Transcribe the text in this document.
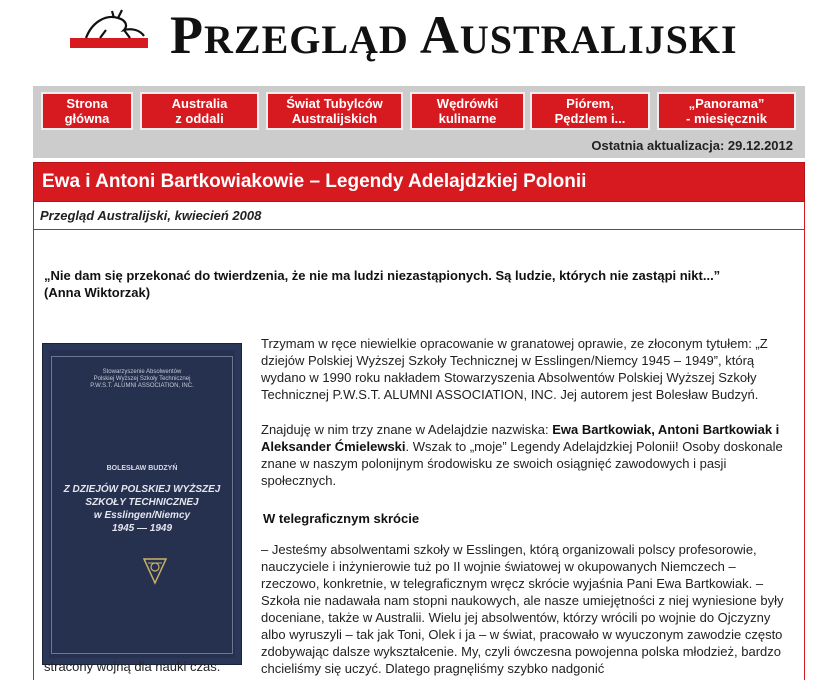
PRZEGLĄD AUSTRALIJSKI
Strona
główna
Australia
z oddali
Świat Tubylców
Australijskich
Wędrówki
kulinarne
Piórem,
Pędzlem i...
„Panorama”
- miesięcznik
Ostatnia aktualizacja: 29.12.2012
Ewa i Antoni Bartkowiakowie – Legendy Adelajdzkiej Polonii
Przegląd Australijski, kwiecień 2008
„Nie dam się przekonać do twierdzenia, że nie ma ludzi niezastąpionych. Są ludzie, których nie zastąpi nikt...”
(Anna Wiktorzak)
Stowarzyszenie Absolwentów
Polskiej Wyższej Szkoły Technicznej
P.W.S.T. ALUMNI ASSOCIATION, INC.
BOLESŁAW BUDZYŃ
Z DZIEJÓW POLSKIEJ WYŻSZEJ
SZKOŁY TECHNICZNEJ
w Esslingen/Niemcy
1945 — 1949
Trzymam w ręce niewielkie opracowanie w granatowej oprawie, ze złoconym tytułem: „Z dziejów Polskiej Wyższej Szkoły Technicznej w Esslingen/Niemcy 1945 – 1949”, którą wydano w 1990 roku nakładem Stowarzyszenia Absolwentów Polskiej Wyższej Szkoły Technicznej P.W.S.T. ALUMNI ASSOCIATION, INC. Jej autorem jest Bolesław Budzyń.
Znajduję w nim trzy znane w Adelajdzie nazwiska: Ewa Bartkowiak, Antoni Bartkowiak i Aleksander Ćmielewski. Wszak to „moje” Legendy Adelajdzkiej Polonii! Osoby doskonale znane w naszym polonijnym środowisku ze swoich osiągnięć zawodowych i pasji społecznych.
W telegraficznym skrócie
– Jesteśmy absolwentami szkoły w Esslingen, którą organizowali polscy profesorowie, nauczyciele i inżynierowie tuż po II wojnie światowej w okupowanych Niemczech – rzeczowo, konkretnie, w telegraficznym wręcz skrócie wyjaśnia Pani Ewa Bartkowiak. – Szkoła nie nadawała nam stopni naukowych, ale nasze umiejętności z niej wyniesione były doceniane, także w Australii. Wielu jej absolwentów, którzy wrócili po wojnie do Ojczyzny albo wyruszyli – tak jak Toni, Olek i ja – w świat, pracowało w wyuczonym zawodzie często zdobywając dalsze wykształcenie. My, czyli ówczesna powojenna polska młodzież, bardzo chcieliśmy się uczyć. Dlatego pragnęliśmy szybko nadgonić
stracony wojną dla nauki czas.
